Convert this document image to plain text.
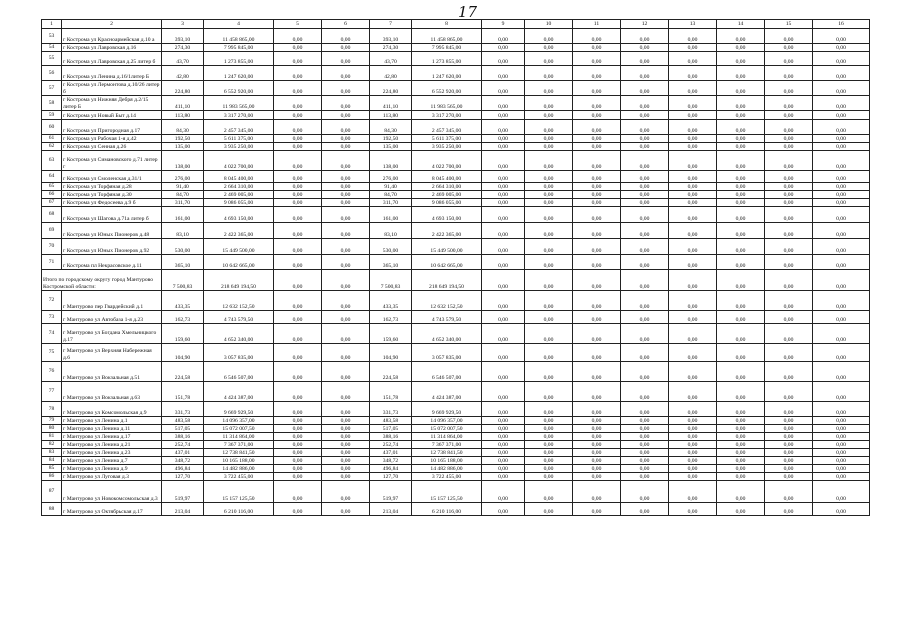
17
1	2	3	4	5	6	7	8	9	10	11	12	13	14	15	16
53	г Кострома ул Красноармейская д.10 а	393,10	11 458 865,00	0,00	0,00	393,10	11 458 865,00	0,00	0,00	0,00	0,00	0,00	0,00	0,00	0,00
54	г Кострома ул Лавровская д.16	274,30	7 995 845,00	0,00	0,00	274,30	7 995 845,00	0,00	0,00	0,00	0,00	0,00	0,00	0,00	0,00
55	г Кострома ул Лавровская д.25 литер б	43,70	1 273 855,00	0,00	0,00	43,70	1 273 855,00	0,00	0,00	0,00	0,00	0,00	0,00	0,00	0,00
56	г Кострома ул Ленина д.16/1литер Б	42,80	1 247 620,00	0,00	0,00	42,80	1 247 620,00	0,00	0,00	0,00	0,00	0,00	0,00	0,00	0,00
57	г Кострома ул Лермонтова д.10/26 литер б	224,80	6 552 920,00	0,00	0,00	224,80	6 552 920,00	0,00	0,00	0,00	0,00	0,00	0,00	0,00	0,00
58	г Кострома ул Нижняя Дебря д.2/15 литер Б	411,10	11 983 565,00	0,00	0,00	411,10	11 983 565,00	0,00	0,00	0,00	0,00	0,00	0,00	0,00	0,00
59	г Кострома ул Новый Быт д.14	113,80	3 317 270,00	0,00	0,00	113,80	3 317 270,00	0,00	0,00	0,00	0,00	0,00	0,00	0,00	0,00
60	г Кострома ул Пригородная д.17	84,30	2 457 345,00	0,00	0,00	84,30	2 457 345,00	0,00	0,00	0,00	0,00	0,00	0,00	0,00	0,00
61	г Кострома ул Рабочая 1-я д.42	192,50	5 611 375,00	0,00	0,00	192,50	5 611 375,00	0,00	0,00	0,00	0,00	0,00	0,00	0,00	0,00
62	г Кострома ул Сенная д.26	135,00	3 935 250,00	0,00	0,00	135,00	3 935 250,00	0,00	0,00	0,00	0,00	0,00	0,00	0,00	0,00
63	г Кострома ул Симановского д.71 литер г	138,00	4 022 700,00	0,00	0,00	138,00	4 022 700,00	0,00	0,00	0,00	0,00	0,00	0,00	0,00	0,00
64	г Кострома ул Смоленская д.31/1	276,00	8 045 400,00	0,00	0,00	276,00	8 045 400,00	0,00	0,00	0,00	0,00	0,00	0,00	0,00	0,00
65	г Кострома ул Торфяная д.28	91,40	2 664 310,00	0,00	0,00	91,40	2 664 310,00	0,00	0,00	0,00	0,00	0,00	0,00	0,00	0,00
66	г Кострома ул Торфяная д.30	84,70	2 469 005,00	0,00	0,00	84,70	2 469 005,00	0,00	0,00	0,00	0,00	0,00	0,00	0,00	0,00
67	г Кострома ул Федосеева д.9 б	311,70	9 086 055,00	0,00	0,00	311,70	9 086 055,00	0,00	0,00	0,00	0,00	0,00	0,00	0,00	0,00
68	г Кострома ул Шагова д.71а литер б	161,00	4 693 150,00	0,00	0,00	161,00	4 693 150,00	0,00	0,00	0,00	0,00	0,00	0,00	0,00	0,00
69	г Кострома ул Юных Пионеров д.48	83,10	2 422 365,00	0,00	0,00	83,10	2 422 365,00	0,00	0,00	0,00	0,00	0,00	0,00	0,00	0,00
70	г Кострома ул Юных Пионеров д.92	530,00	15 449 500,00	0,00	0,00	530,00	15 449 500,00	0,00	0,00	0,00	0,00	0,00	0,00	0,00	0,00
71	г Кострома пл Некрасовское д.11	365,10	10 642 665,00	0,00	0,00	365,10	10 642 665,00	0,00	0,00	0,00	0,00	0,00	0,00	0,00	0,00
Итого по городскому округу город Мантурово Костромской области:		7 500,83	218 649 194,50	0,00	0,00	7 500,83	218 649 194,50	0,00	0,00	0,00	0,00	0,00	0,00	0,00	0,00
72	г Мантурово пер Гвардейский д.1	433,35	12 632 152,50	0,00	0,00	433,35	12 632 152,50	0,00	0,00	0,00	0,00	0,00	0,00	0,00	0,00
73	г Мантурово ул Автобаза 1-я д.23	162,73	4 743 579,50	0,00	0,00	162,73	4 743 579,50	0,00	0,00	0,00	0,00	0,00	0,00	0,00	0,00
74	г Мантурово ул Богдана Хмельницкого д.17	159,60	4 652 340,00	0,00	0,00	159,60	4 652 340,00	0,00	0,00	0,00	0,00	0,00	0,00	0,00	0,00
75	г Мантурово ул Верхняя Набережная д.6	104,90	3 057 835,00	0,00	0,00	104,90	3 057 835,00	0,00	0,00	0,00	0,00	0,00	0,00	0,00	0,00
76	г Мантурово ул Вокзальная д.51	224,58	6 546 507,00	0,00	0,00	224,58	6 546 507,00	0,00	0,00	0,00	0,00	0,00	0,00	0,00	0,00
77	г Мантурово ул Вокзальная д.63	151,78	4 424 387,00	0,00	0,00	151,78	4 424 387,00	0,00	0,00	0,00	0,00	0,00	0,00	0,00	0,00
78	г Мантурово ул Комсомольская д.9	331,73	9 669 929,50	0,00	0,00	331,73	9 669 929,50	0,00	0,00	0,00	0,00	0,00	0,00	0,00	0,00
79	г Мантурово ул Ленина д.1	483,58	14 096 357,00	0,00	0,00	483,58	14 096 357,00	0,00	0,00	0,00	0,00	0,00	0,00	0,00	0,00
80	г Мантурово ул Ленина д.11	517,05	15 072 007,50	0,00	0,00	517,05	15 072 007,50	0,00	0,00	0,00	0,00	0,00	0,00	0,00	0,00
81	г Мантурово ул Ленина д.17	388,16	11 314 864,00	0,00	0,00	388,16	11 314 864,00	0,00	0,00	0,00	0,00	0,00	0,00	0,00	0,00
82	г Мантурово ул Ленина д.21	252,74	7 367 371,00	0,00	0,00	252,74	7 367 371,00	0,00	0,00	0,00	0,00	0,00	0,00	0,00	0,00
83	г Мантурово ул Ленина д.23	437,01	12 738 841,50	0,00	0,00	437,01	12 738 841,50	0,00	0,00	0,00	0,00	0,00	0,00	0,00	0,00
84	г Мантурово ул Ленина д.7	348,72	10 165 188,00	0,00	0,00	348,72	10 165 188,00	0,00	0,00	0,00	0,00	0,00	0,00	0,00	0,00
85	г Мантурово ул Ленина д.9	496,84	14 482 886,00	0,00	0,00	496,84	14 482 886,00	0,00	0,00	0,00	0,00	0,00	0,00	0,00	0,00
86	г Мантурово ул Луговая д.3	127,70	3 722 455,00	0,00	0,00	127,70	3 722 455,00	0,00	0,00	0,00	0,00	0,00	0,00	0,00	0,00
87	г Мантурово ул Новокомсомольская д.3	519,97	15 157 125,50	0,00	0,00	519,97	15 157 125,50	0,00	0,00	0,00	0,00	0,00	0,00	0,00	0,00
88	г Мантурово ул Октябрьская д.17	213,04	6 210 116,00	0,00	0,00	213,04	6 210 116,00	0,00	0,00	0,00	0,00	0,00	0,00	0,00	0,00
